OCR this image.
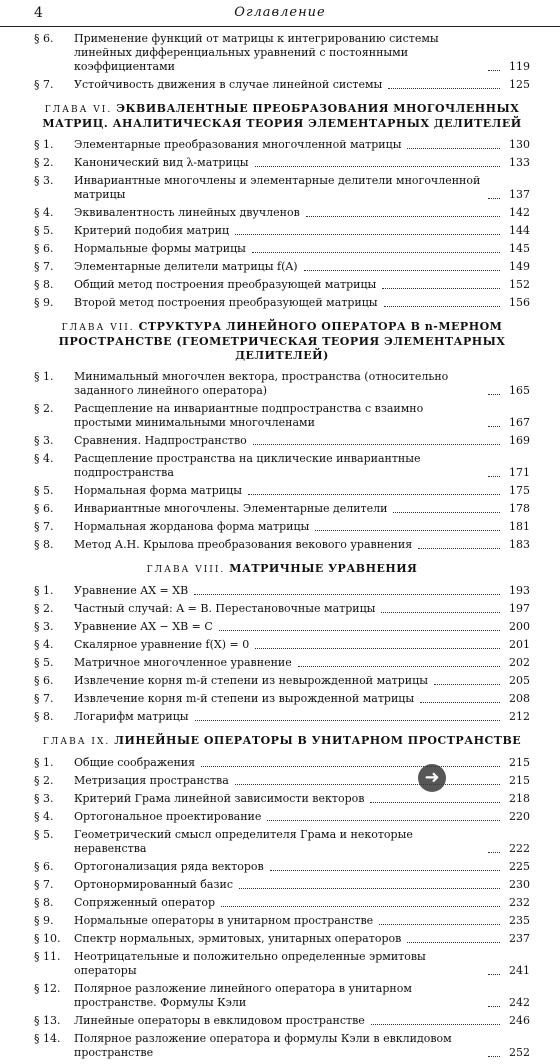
4	Оглавление
§ 6.	Применение функций от матрицы к интегрированию системы линейных дифференциальных уравнений с постоянными коэффициентами	119
§ 7.	Устойчивость движения в случае линейной системы	125
ГЛАВА VI. ЭКВИВАЛЕНТНЫЕ ПРЕОБРАЗОВАНИЯ МНОГОЧЛЕННЫХ МАТРИЦ. АНАЛИТИЧЕСКАЯ ТЕОРИЯ ЭЛЕМЕНТАРНЫХ ДЕЛИТЕЛЕЙ
§ 1.	Элементарные преобразования многочленной матрицы	130
§ 2.	Канонический вид λ-матрицы	133
§ 3.	Инвариантные многочлены и элементарные делители многочленной матрицы	137
§ 4.	Эквивалентность линейных двучленов	142
§ 5.	Критерий подобия матриц	144
§ 6.	Нормальные формы матрицы	145
§ 7.	Элементарные делители матрицы f(A)	149
§ 8.	Общий метод построения преобразующей матрицы	152
§ 9.	Второй метод построения преобразующей матрицы	156
ГЛАВА VII. СТРУКТУРА ЛИНЕЙНОГО ОПЕРАТОРА В n-МЕРНОМ ПРОСТРАНСТВЕ (ГЕОМЕТРИЧЕСКАЯ ТЕОРИЯ ЭЛЕМЕНТАРНЫХ ДЕЛИТЕЛЕЙ)
§ 1.	Минимальный многочлен вектора, пространства (относительно заданного линейного оператора)	165
§ 2.	Расщепление на инвариантные подпространства с взаимно простыми минимальными многочленами	167
§ 3.	Сравнения. Надпространство	169
§ 4.	Расщепление пространства на циклические инвариантные подпространства	171
§ 5.	Нормальная форма матрицы	175
§ 6.	Инвариантные многочлены. Элементарные делители	178
§ 7.	Нормальная жорданова форма матрицы	181
§ 8.	Метод А.Н. Крылова преобразования векового уравнения	183
ГЛАВА VIII. МАТРИЧНЫЕ УРАВНЕНИЯ
§ 1.	Уравнение AX = XB	193
§ 2.	Частный случай: A = B. Перестановочные матрицы	197
§ 3.	Уравнение AX − XB = C	200
§ 4.	Скалярное уравнение f(X) = 0	201
§ 5.	Матричное многочленное уравнение	202
§ 6.	Извлечение корня m-й степени из невырожденной матрицы	205
§ 7.	Извлечение корня m-й степени из вырожденной матрицы	208
§ 8.	Логарифм матрицы	212
ГЛАВА IX. ЛИНЕЙНЫЕ ОПЕРАТОРЫ В УНИТАРНОМ ПРОСТРАНСТВЕ
§ 1.	Общие соображения	215
§ 2.	Метризация пространства	215
§ 3.	Критерий Грама линейной зависимости векторов	218
§ 4.	Ортогональное проектирование	220
§ 5.	Геометрический смысл определителя Грама и некоторые неравенства	222
§ 6.	Ортогонализация ряда векторов	225
§ 7.	Ортонормированный базис	230
§ 8.	Сопряженный оператор	232
§ 9.	Нормальные операторы в унитарном пространстве	235
§ 10.	Спектр нормальных, эрмитовых, унитарных операторов	237
§ 11.	Неотрицательные и положительно определенные эрмитовы операторы	241
§ 12.	Полярное разложение линейного оператора в унитарном пространстве. Формулы Кэли	242
§ 13.	Линейные операторы в евклидовом пространстве	246
§ 14.	Полярное разложение оператора и формулы Кэли в евклидовом пространстве	252
➜
